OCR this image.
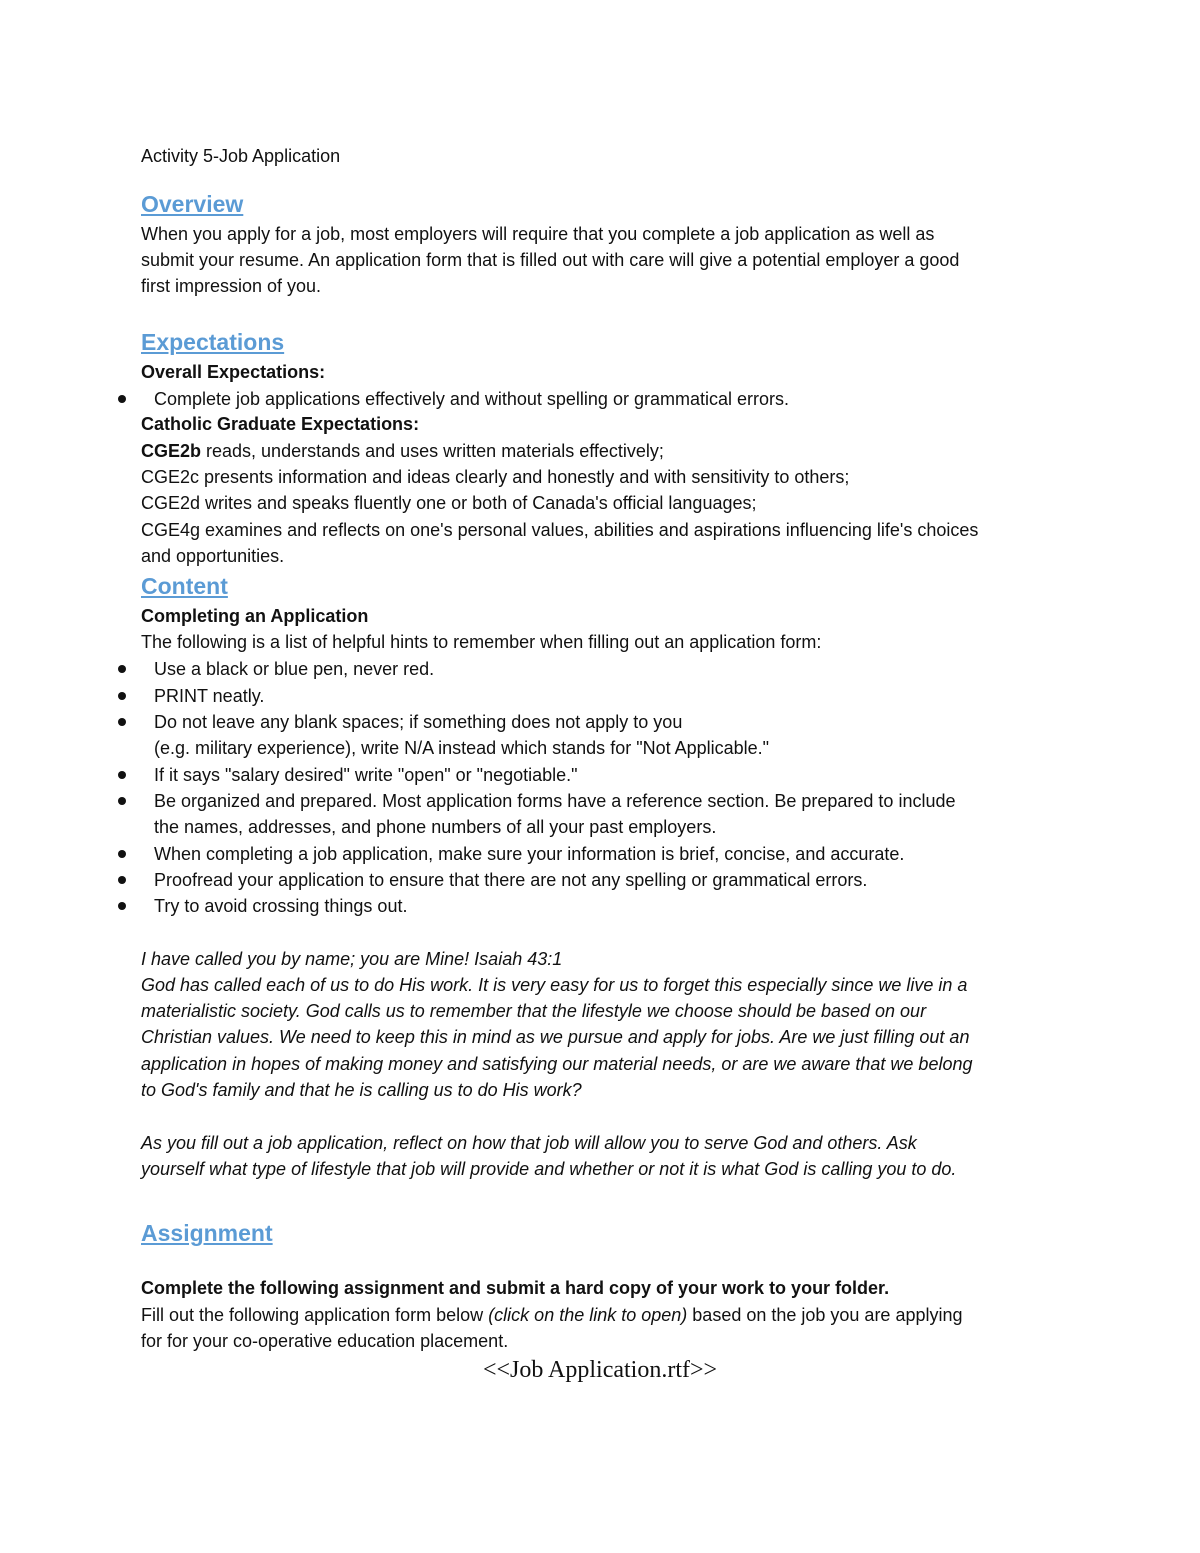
Activity 5-Job Application
Overview
When you apply for a job, most employers will require that you complete a job application as well as
submit your resume. An application form that is filled out with care will give a potential employer a good
first impression of you.
Expectations
Overall Expectations:
Complete job applications effectively and without spelling or grammatical errors.
Catholic Graduate Expectations:
CGE2b reads, understands and uses written materials effectively;
CGE2c presents information and ideas clearly and honestly and with sensitivity to others;
CGE2d writes and speaks fluently one or both of Canada's official languages;
CGE4g examines and reflects on one's personal values, abilities and aspirations influencing life's choices
and opportunities.
Content
Completing an Application
The following is a list of helpful hints to remember when filling out an application form:
Use a black or blue pen, never red.
PRINT neatly.
Do not leave any blank spaces; if something does not apply to you
(e.g. military experience), write N/A instead which stands for "Not Applicable."
If it says "salary desired" write "open" or "negotiable."
Be organized and prepared. Most application forms have a reference section. Be prepared to include
the names, addresses, and phone numbers of all your past employers.
When completing a job application, make sure your information is brief, concise, and accurate.
Proofread your application to ensure that there are not any spelling or grammatical errors.
Try to avoid crossing things out.
I have called you by name; you are Mine! Isaiah 43:1
God has called each of us to do His work. It is very easy for us to forget this especially since we live in a
materialistic society. God calls us to remember that the lifestyle we choose should be based on our
Christian values. We need to keep this in mind as we pursue and apply for jobs. Are we just filling out an
application in hopes of making money and satisfying our material needs, or are we aware that we belong
to God's family and that he is calling us to do His work?
As you fill out a job application, reflect on how that job will allow you to serve God and others. Ask
yourself what type of lifestyle that job will provide and whether or not it is what God is calling you to do.
Assignment
Complete the following assignment and submit a hard copy of your work to your folder.
Fill out the following application form below (click on the link to open) based on the job you are applying
for for your co-operative education placement.
<<Job Application.rtf>>
